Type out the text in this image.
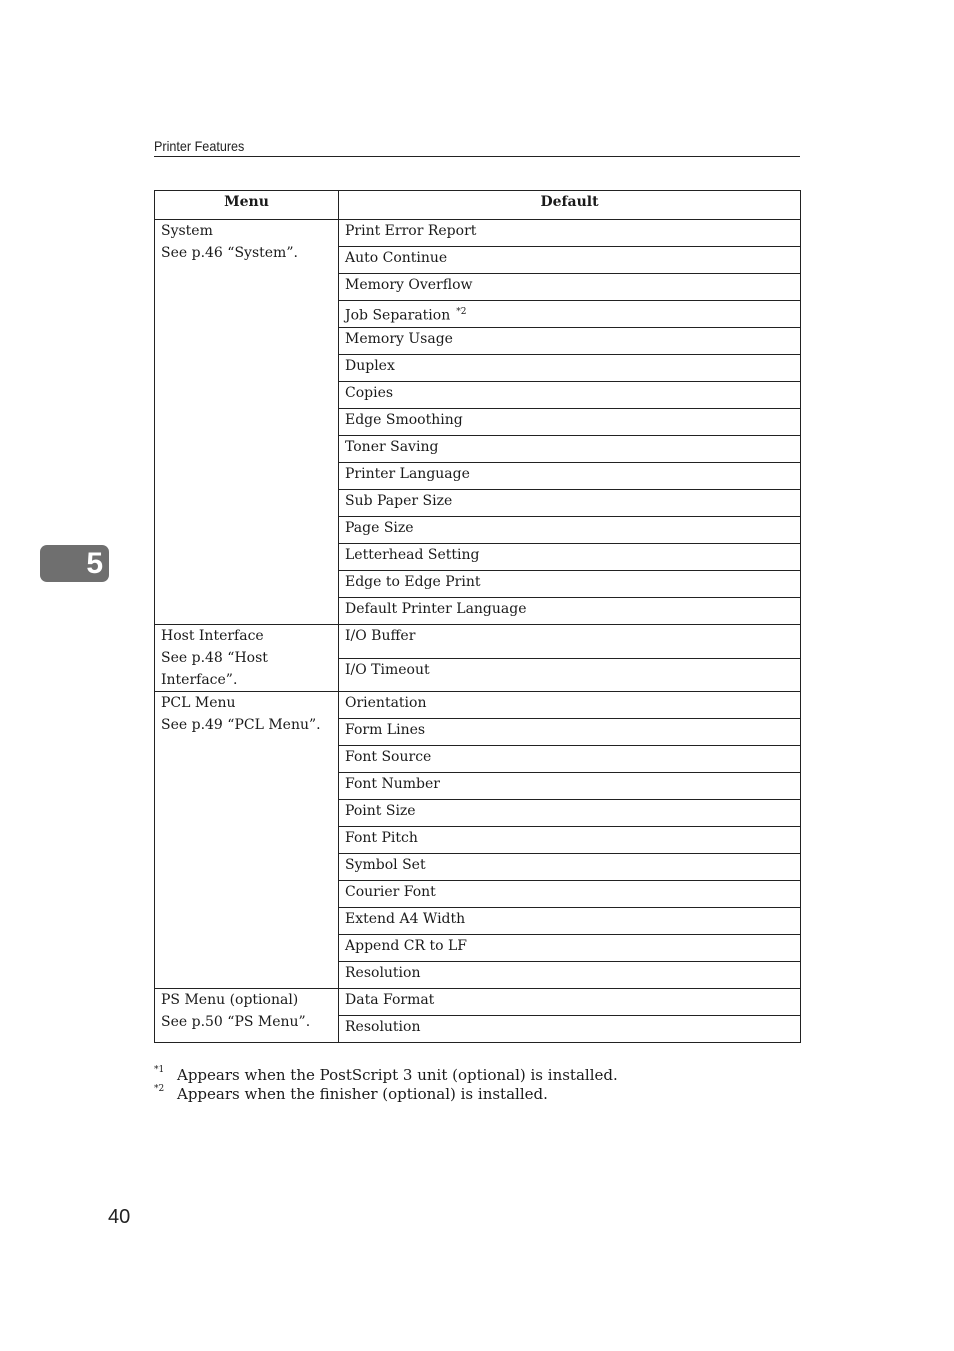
Printer Features
5
Menu	Default

System
See p.46 “System”.	Print Error Report
	Auto Continue
	Memory Overflow
	Job Separation $^{*2}$
	Memory Usage
	Duplex
	Copies
	Edge Smoothing
	Toner Saving
	Printer Language
	Sub Paper Size
	Page Size
	Letterhead Setting
	Edge to Edge Print
	Default Printer Language

Host Interface
See p.48 “Host Interface”.	I/O Buffer
	I/O Timeout

PCL Menu
See p.49 “PCL Menu”.	Orientation
	Form Lines
	Font Source
	Font Number
	Point Size
	Font Pitch
	Symbol Set
	Courier Font
	Extend A4 Width
	Append CR to LF
	Resolution

PS Menu (optional)
See p.50 “PS Menu”.	Data Format
	Resolution
*1 Appears when the PostScript 3 unit (optional) is installed.
*2 Appears when the finisher (optional) is installed.
40
